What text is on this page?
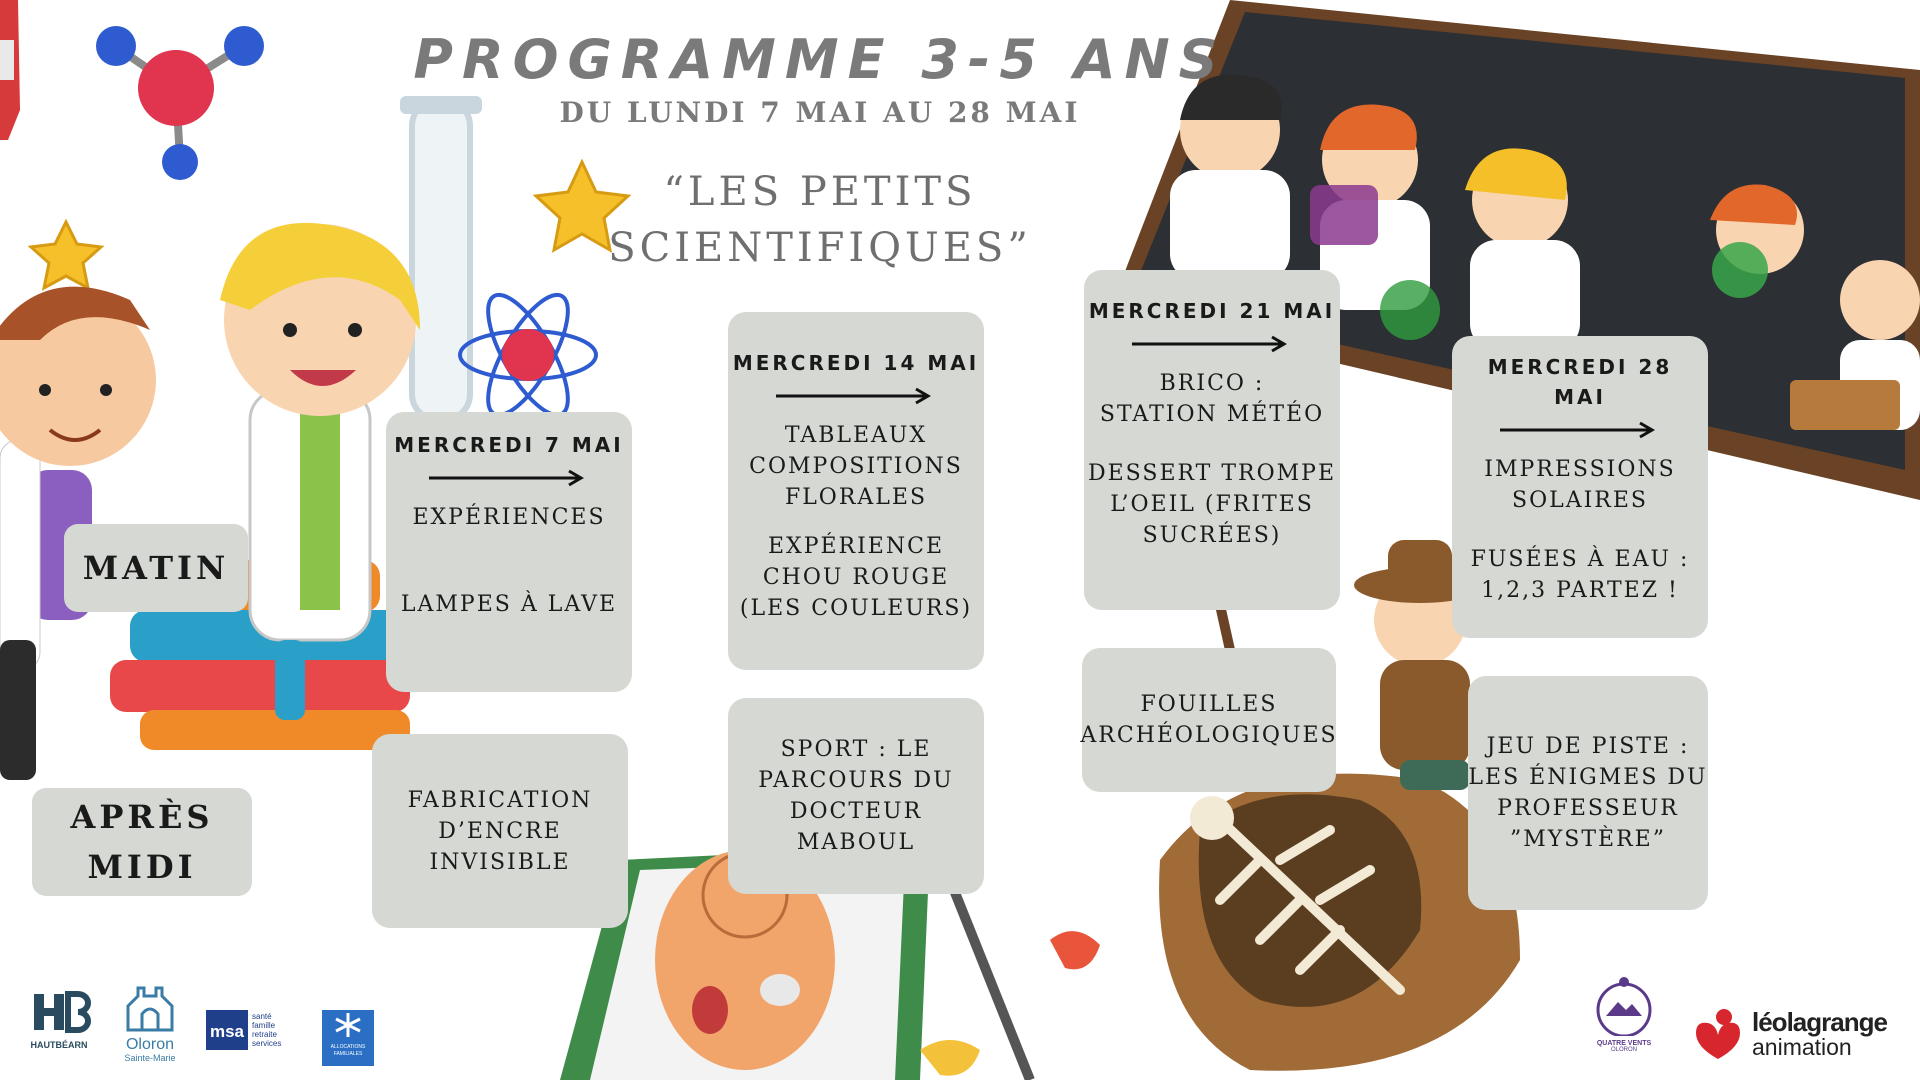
PROGRAMME 3-5 ANS
DU LUNDI 7 MAI AU 28 MAI
“LES PETITS
SCIENTIFIQUES”
MATIN
APRÈS
MIDI
MERCREDI 7 MAI
EXPÉRIENCES
LAMPES À LAVE
FABRICATION
D’ENCRE
INVISIBLE
MERCREDI 14 MAI
TABLEAUX
COMPOSITIONS
FLORALES
EXPÉRIENCE
CHOU ROUGE
(LES COULEURS)
SPORT : LE
PARCOURS DU
DOCTEUR
MABOUL
MERCREDI 21 MAI
BRICO :
STATION MÉTÉO
DESSERT TROMPE
L’OEIL (FRITES
SUCRÉES)
FOUILLES
ARCHÉOLOGIQUES
MERCREDI 28
MAI
IMPRESSIONS
SOLAIRES
FUSÉES À EAU :
1,2,3 PARTEZ !
JEU DE PISTE :
LES ÉNIGMES DU
PROFESSEUR
”MYSTÈRE”
HAUTBÉARN	Oloron
Sainte-Marie
msa
santé
famille
retraite
services	ALLOCATIONS
FAMILIALES
QUATRE VENTS
OLORON
léolagrange
animation
